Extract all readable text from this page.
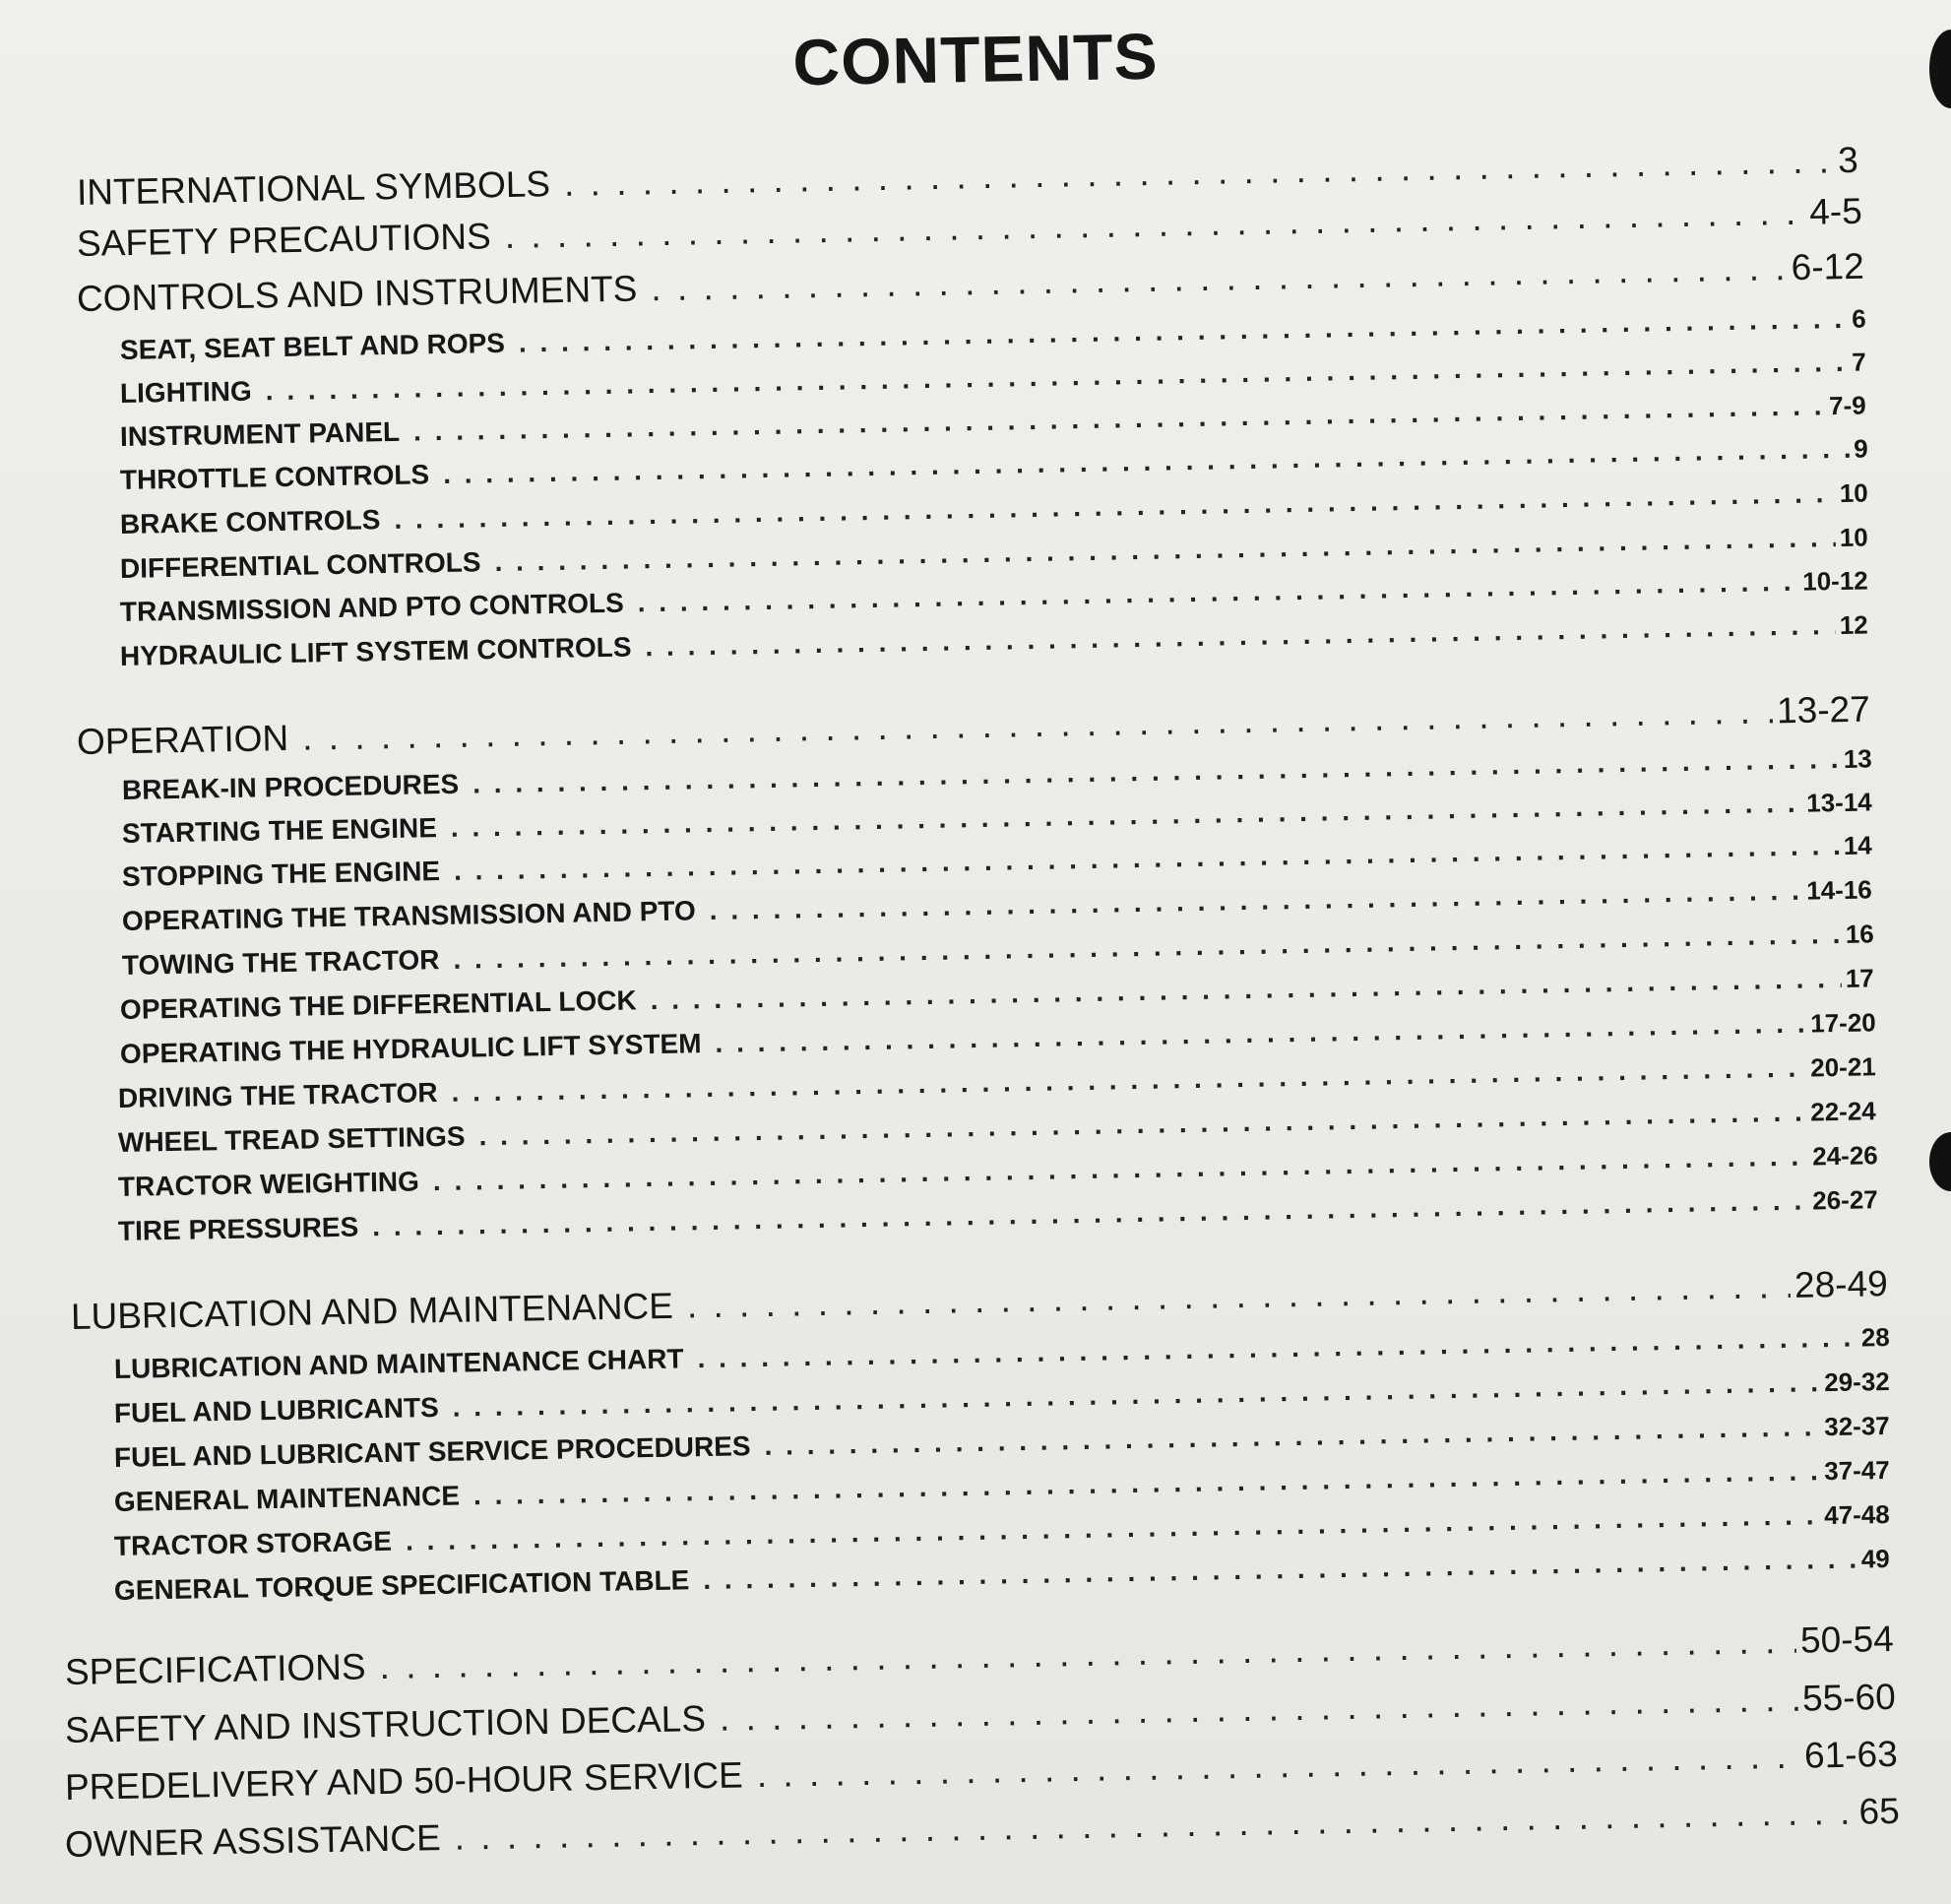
CONTENTS
INTERNATIONAL SYMBOLS
. . .
3
SAFETY PRECAUTIONS
. . .
4-5
CONTROLS AND INSTRUMENTS
. . .
6-12
SEAT, SEAT BELT AND ROPS
. . .
6
LIGHTING
. . .
7
INSTRUMENT PANEL
. . .
7-9
THROTTLE CONTROLS
. . .
9
BRAKE CONTROLS
. . .
10
DIFFERENTIAL CONTROLS
. . .
10
TRANSMISSION AND PTO CONTROLS
. . .
10-12
HYDRAULIC LIFT SYSTEM CONTROLS
. . .
12
OPERATION
. . .
13-27
BREAK-IN PROCEDURES
. . .
13
STARTING THE ENGINE
. . .
13-14
STOPPING THE ENGINE
. . .
14
OPERATING THE TRANSMISSION AND PTO
. . .
14-16
TOWING THE TRACTOR
. . .
16
OPERATING THE DIFFERENTIAL LOCK
. . .
17
OPERATING THE HYDRAULIC LIFT SYSTEM
. . .
17-20
DRIVING THE TRACTOR
. . .
20-21
WHEEL TREAD SETTINGS
. . .
22-24
TRACTOR WEIGHTING
. . .
24-26
TIRE PRESSURES
. . .
26-27
LUBRICATION AND MAINTENANCE
. . .
28-49
LUBRICATION AND MAINTENANCE CHART
. . .
28
FUEL AND LUBRICANTS
. . .
29-32
FUEL AND LUBRICANT SERVICE PROCEDURES
. . .
32-37
GENERAL MAINTENANCE
. . .
37-47
TRACTOR STORAGE
. . .
47-48
GENERAL TORQUE SPECIFICATION TABLE
. . .
49
SPECIFICATIONS
. . .
50-54
SAFETY AND INSTRUCTION DECALS
. . .
55-60
PREDELIVERY AND 50-HOUR SERVICE
. . .
61-63
OWNER ASSISTANCE
. . .
65
